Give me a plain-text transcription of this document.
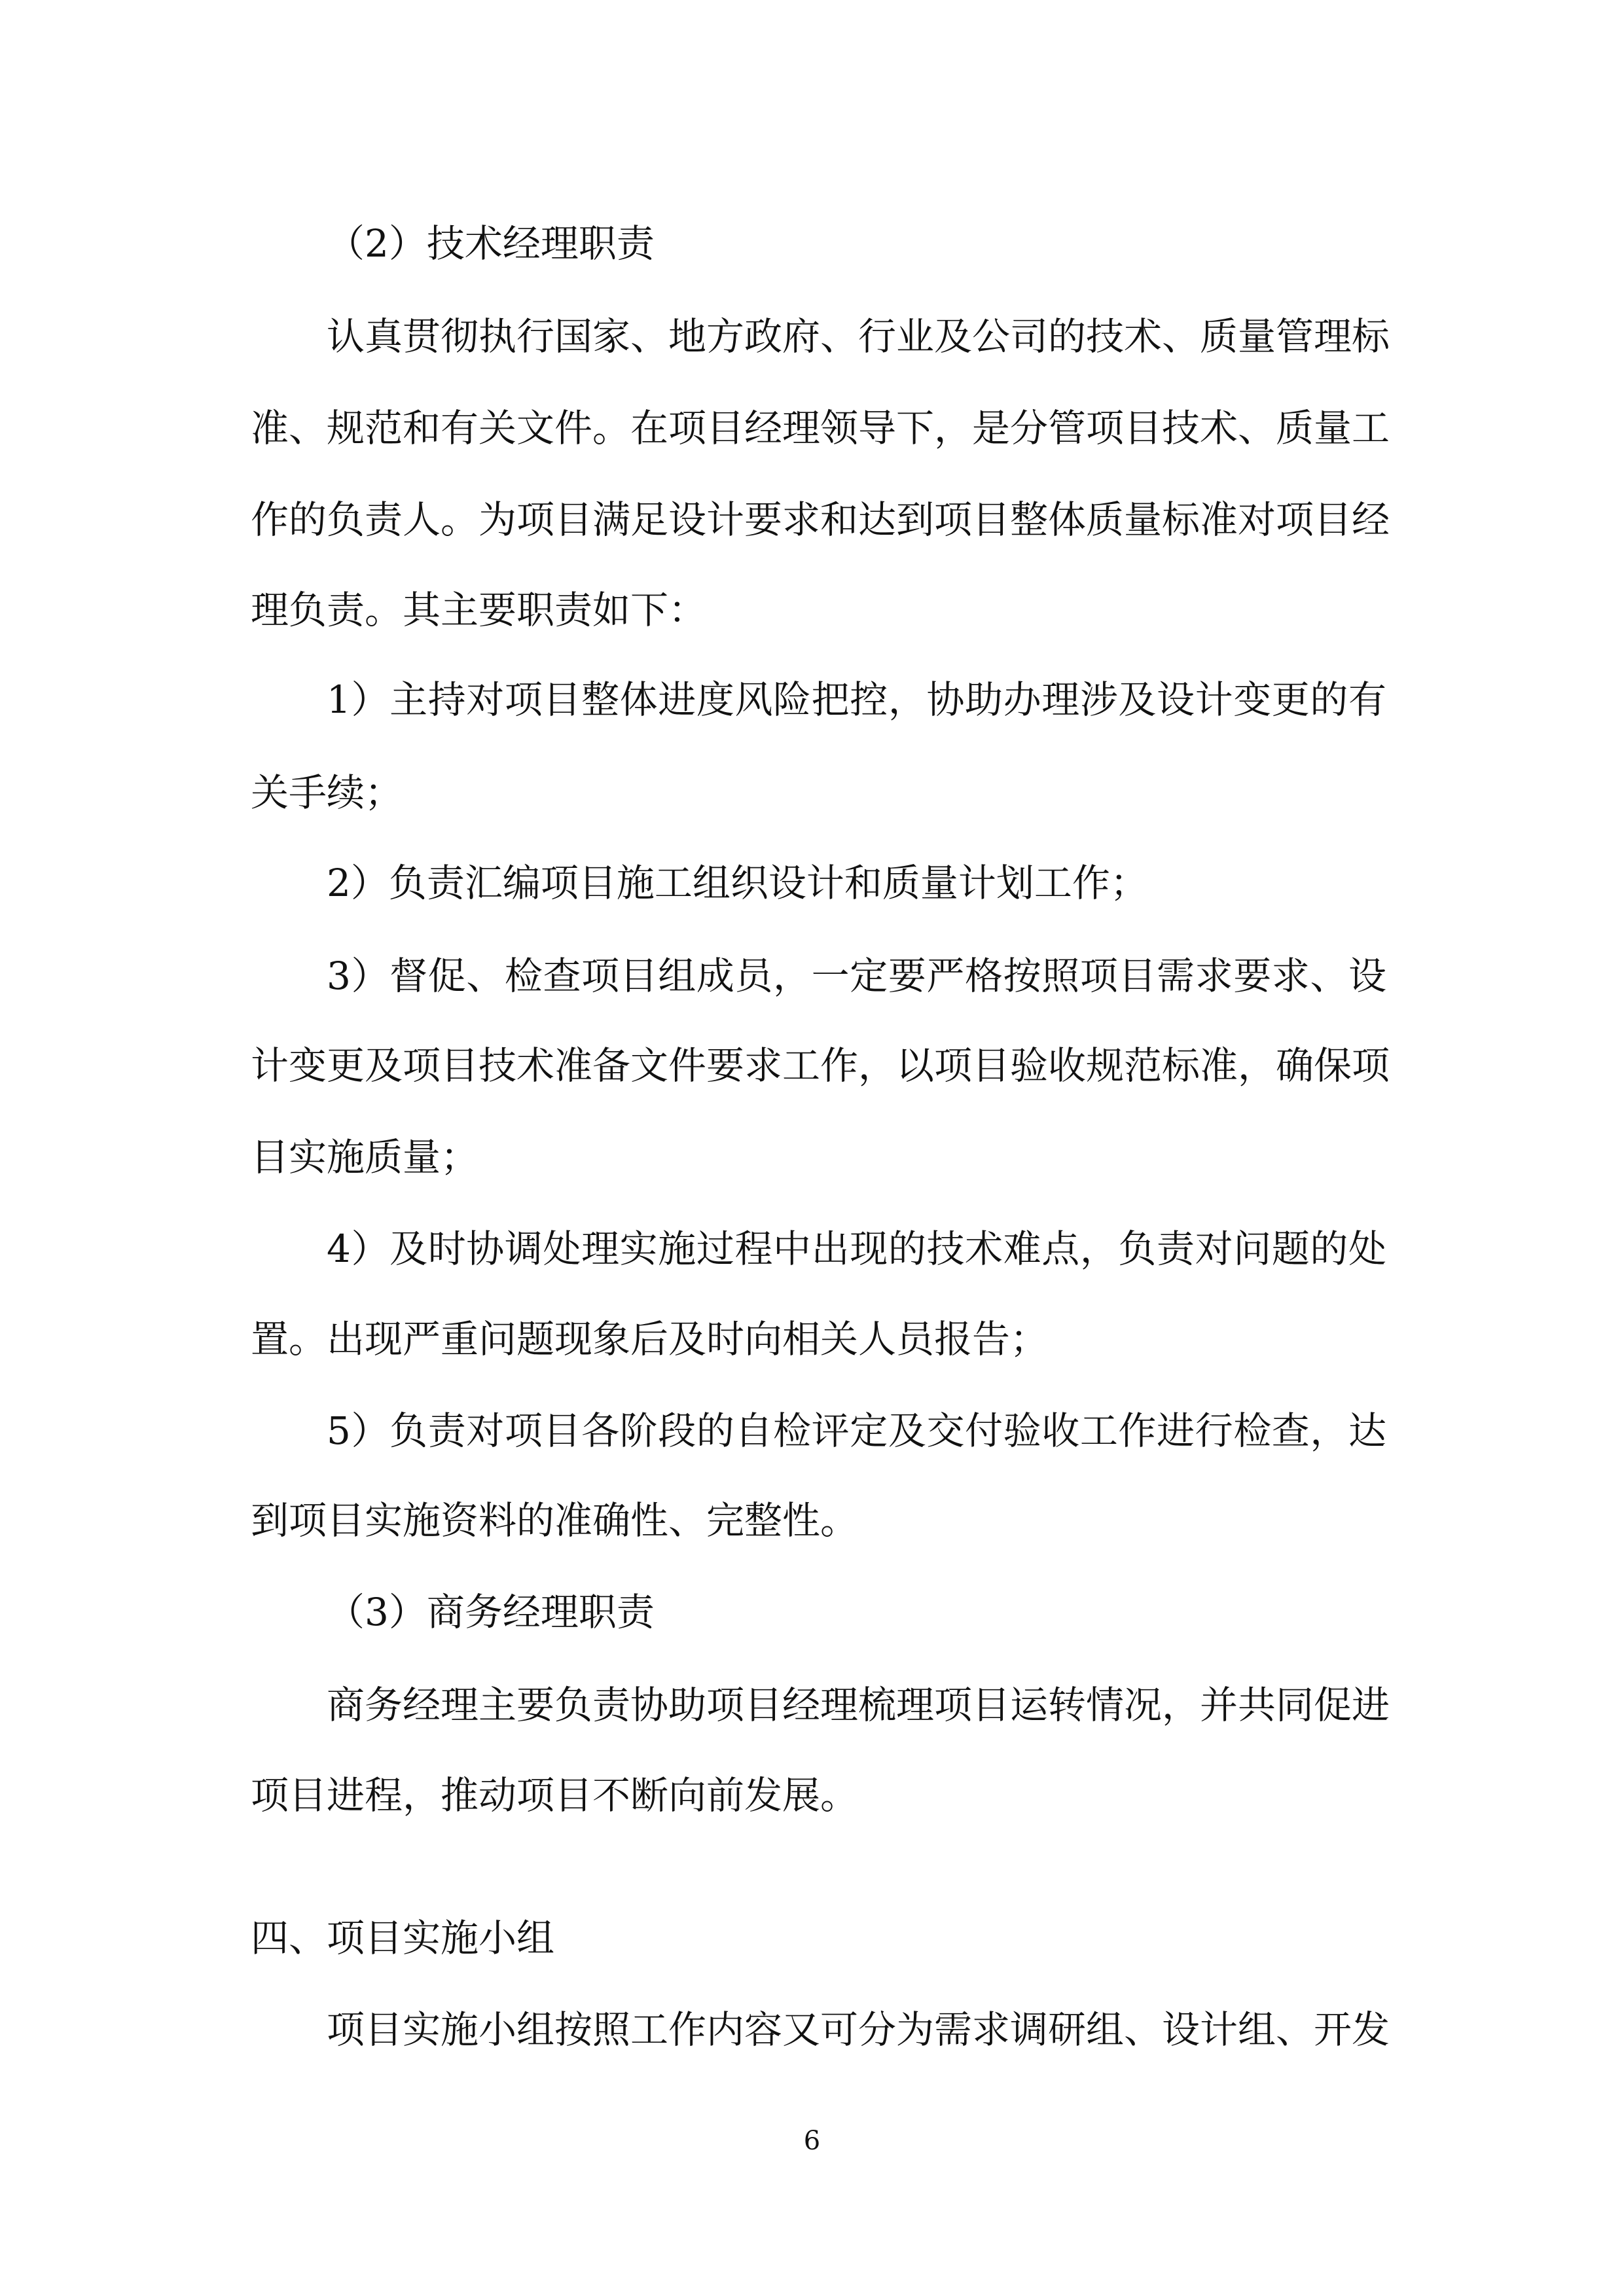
（2）技术经理职责
认真贯彻执行国家、地方政府、行业及公司的技术、质量管理标
准、规范和有关文件。在项目经理领导下，是分管项目技术、质量工
作的负责人。为项目满足设计要求和达到项目整体质量标准对项目经
理负责。其主要职责如下：
1）主持对项目整体进度风险把控，协助办理涉及设计变更的有
关手续；
2）负责汇编项目施工组织设计和质量计划工作；
3）督促、检查项目组成员，一定要严格按照项目需求要求、设
计变更及项目技术准备文件要求工作，以项目验收规范标准，确保项
目实施质量；
4）及时协调处理实施过程中出现的技术难点，负责对问题的处
置。出现严重问题现象后及时向相关人员报告；
5）负责对项目各阶段的自检评定及交付验收工作进行检查，达
到项目实施资料的准确性、完整性。
（3）商务经理职责
商务经理主要负责协助项目经理梳理项目运转情况，并共同促进
项目进程，推动项目不断向前发展。
四、项目实施小组
项目实施小组按照工作内容又可分为需求调研组、设计组、开发
6
